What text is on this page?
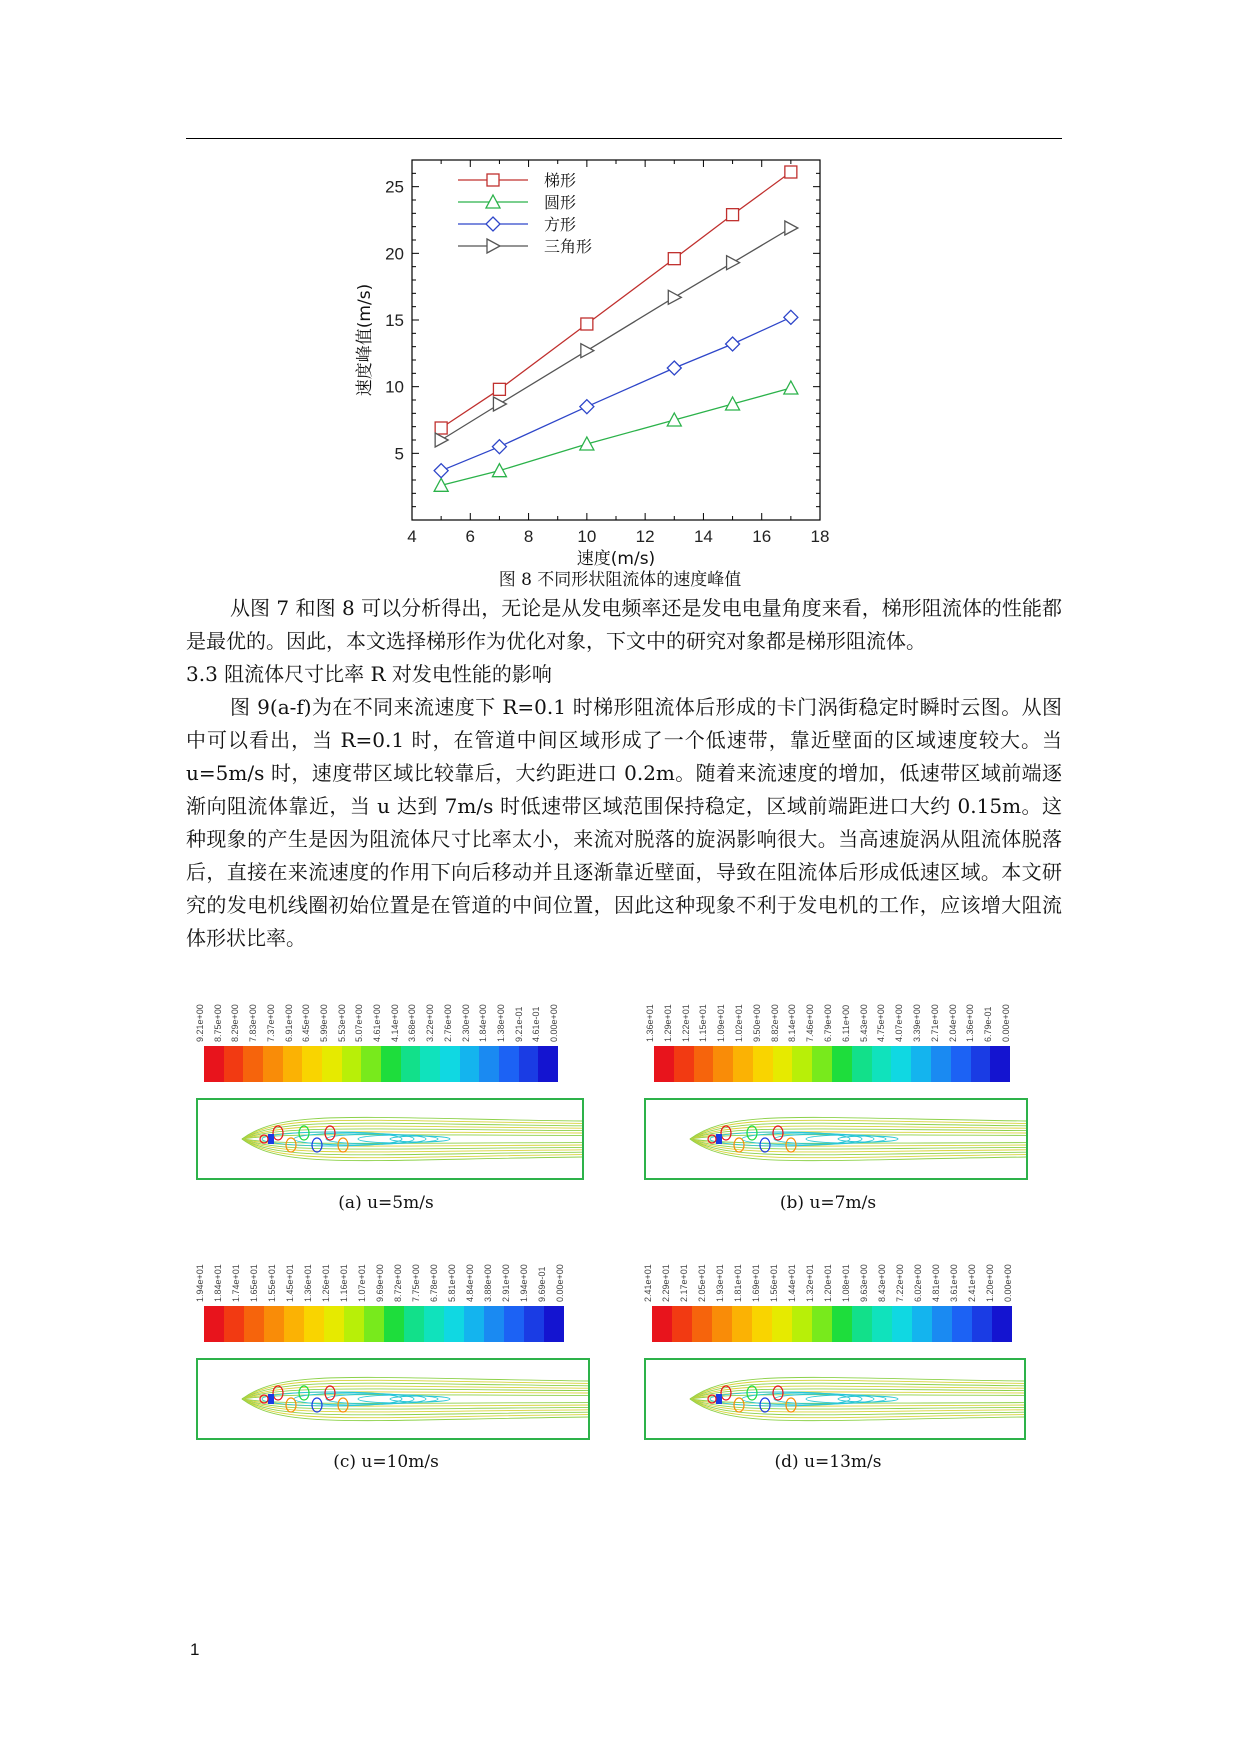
4	6	8	10 12 14 16 18
5
10
15
20
25
速度(m/s)
速度峰值(m/s)
梯形
圆形
方形
三角形
图 8 不同形状阻流体的速度峰值

从图 7 和图 8 可以分析得出，无论是从发电频率还是发电电量角度来看，梯形阻流体的性能都是最优的。因此，本文选择梯形作为优化对象，下文中的研究对象都是梯形阻流体。

3.3 阻流体尺寸比率 R 对发电性能的影响

图 9(a-f)为在不同来流速度下 R=0.1 时梯形阻流体后形成的卡门涡街稳定时瞬时云图。从图中可以看出，当 R=0.1 时，在管道中间区域形成了一个低速带，靠近壁面的区域速度较大。当 u=5m/s 时，速度带区域比较靠后，大约距进口 0.2m。随着来流速度的增加，低速带区域前端逐渐向阻流体靠近，当 u 达到 7m/s 时低速带区域范围保持稳定，区域前端距进口大约 0.15m。这种现象的产生是因为阻流体尺寸比率太小，来流对脱落的旋涡影响很大。当高速旋涡从阻流体脱落后，直接在来流速度的作用下向后移动并且逐渐靠近壁面，导致在阻流体后形成低速区域。本文研究的发电机线圈初始位置是在管道的中间位置，因此这种现象不利于发电机的工作，应该增大阻流体形状比率。

9.21e+00 8.75e+00 8.29e+00 7.83e+00 7.37e+00 6.91e+00 6.45e+00 5.99e+00 5.53e+00 5.07e+00 4.61e+00 4.14e+00 3.68e+00 3.22e+00 2.76e+00 2.30e+00 1.84e+00 1.38e+00 9.21e-01 4.61e-01 0.00e+00
(a) u=5m/s
1.36e+01 1.29e+01 1.22e+01 1.15e+01 1.09e+01 1.02e+01 9.50e+00 8.82e+00 8.14e+00 7.46e+00 6.79e+00 6.11e+00 5.43e+00 4.75e+00 4.07e+00 3.39e+00 2.71e+00 2.04e+00 1.36e+00 6.79e-01 0.00e+00
(b) u=7m/s
1.94e+01 1.84e+01 1.74e+01 1.65e+01 1.55e+01 1.45e+01 1.36e+01 1.26e+01 1.16e+01 1.07e+01 9.69e+00 8.72e+00 7.75e+00 6.78e+00 5.81e+00 4.84e+00 3.88e+00 2.91e+00 1.94e+00 9.69e-01 0.00e+00
(c) u=10m/s
2.41e+01 2.29e+01 2.17e+01 2.05e+01 1.93e+01 1.81e+01 1.69e+01 1.56e+01 1.44e+01 1.32e+01 1.20e+01 1.08e+01 9.63e+00 8.43e+00 7.22e+00 6.02e+00 4.81e+00 3.61e+00 2.41e+00 1.20e+00 0.00e+00
(d) u=13m/s
1
